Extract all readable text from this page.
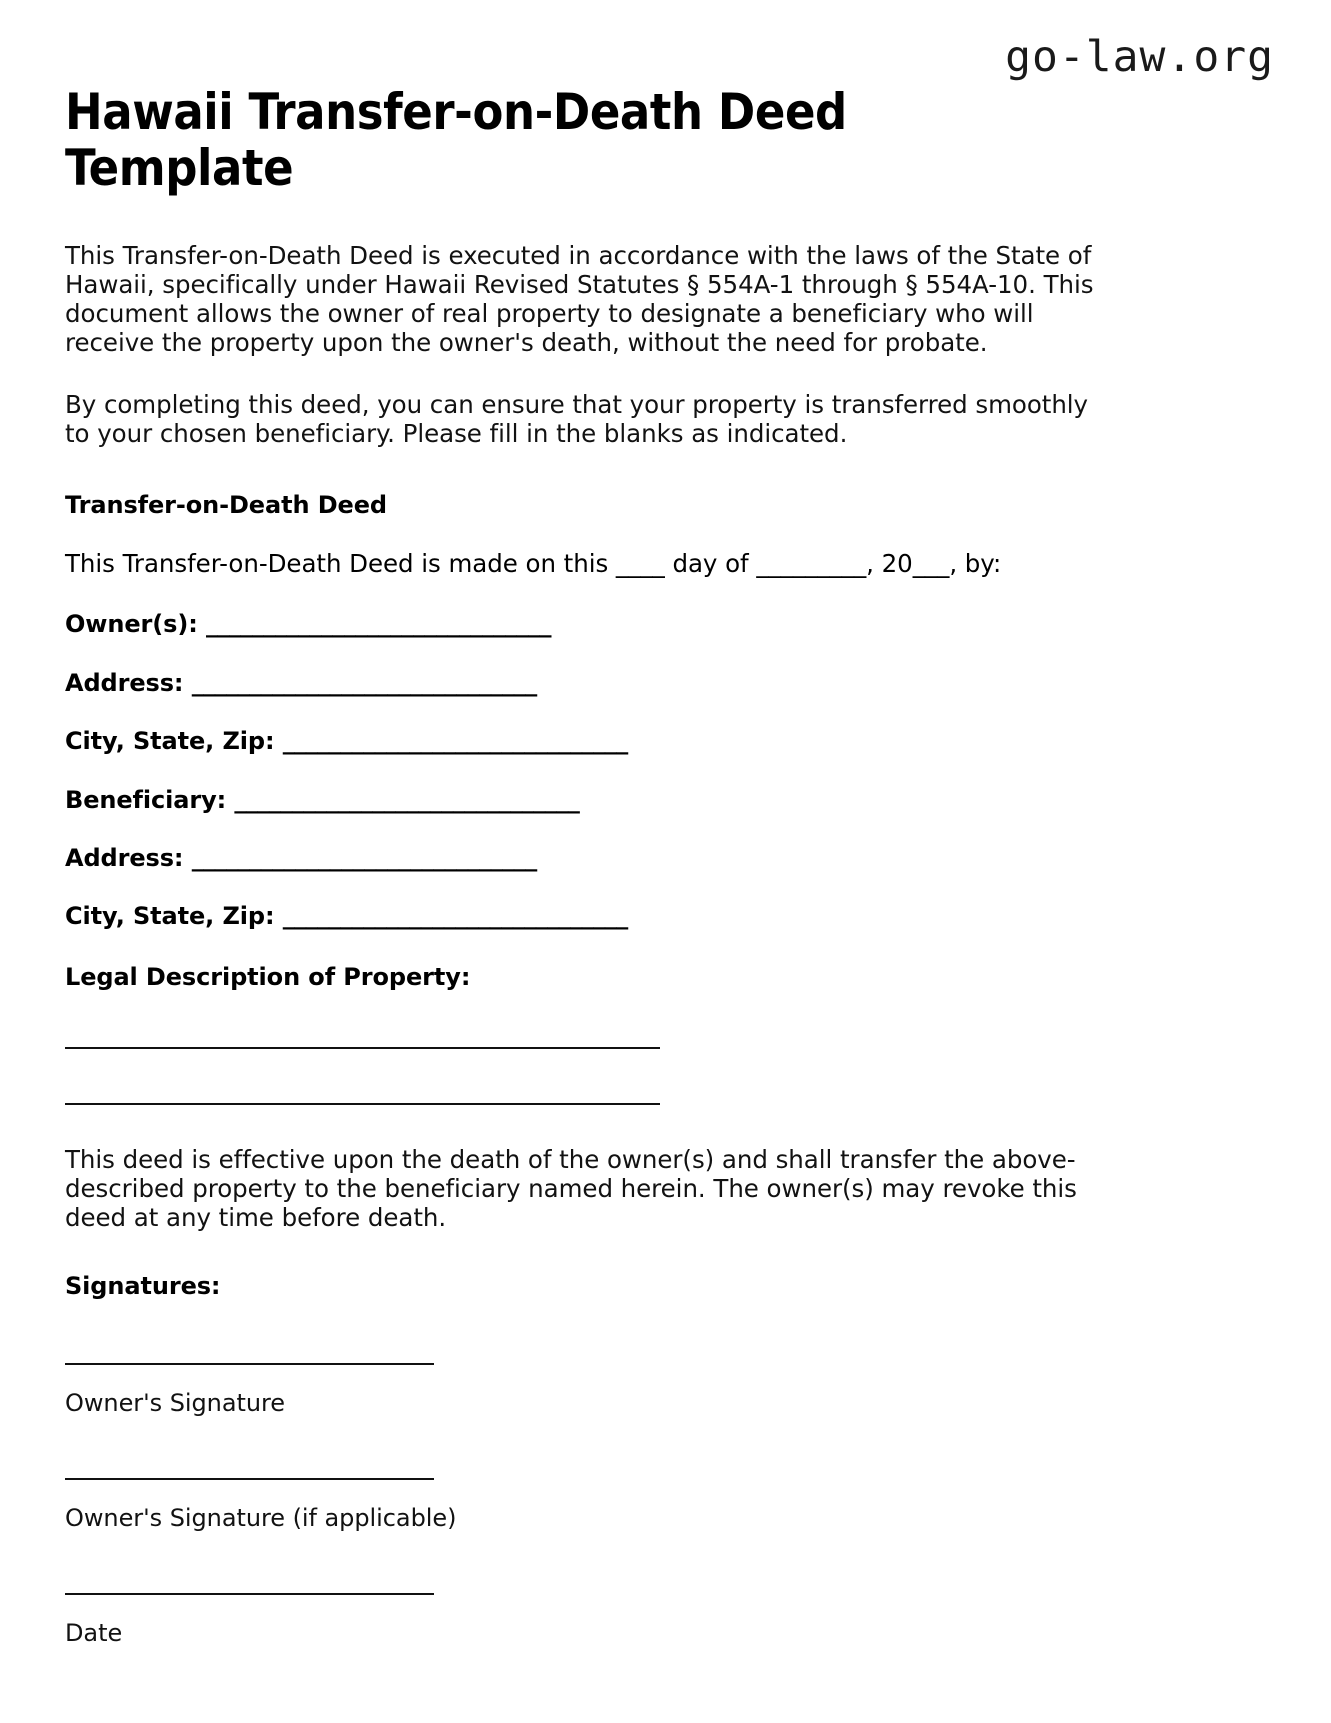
go-law.org
Hawaii Transfer-on-Death Deed Template

This Transfer-on-Death Deed is executed in accordance with the laws of the State of Hawaii, specifically under Hawaii Revised Statutes § 554A-1 through § 554A-10. This document allows the owner of real property to designate a beneficiary who will receive the property upon the owner's death, without the need for probate.

By completing this deed, you can ensure that your property is transferred smoothly to your chosen beneficiary. Please fill in the blanks as indicated.

Transfer-on-Death Deed
This Transfer-on-Death Deed is made on this ____ day of _________, 20___, by:
Owner(s): ______________________________
Address: ______________________________
City, State, Zip: ______________________________
Beneficiary: ______________________________
Address: ______________________________
City, State, Zip: ______________________________
Legal Description of Property:

This deed is effective upon the death of the owner(s) and shall transfer the above-described property to the beneficiary named herein. The owner(s) may revoke this deed at any time before death.

Signatures:
Owner's Signature
Owner's Signature (if applicable)
Date
